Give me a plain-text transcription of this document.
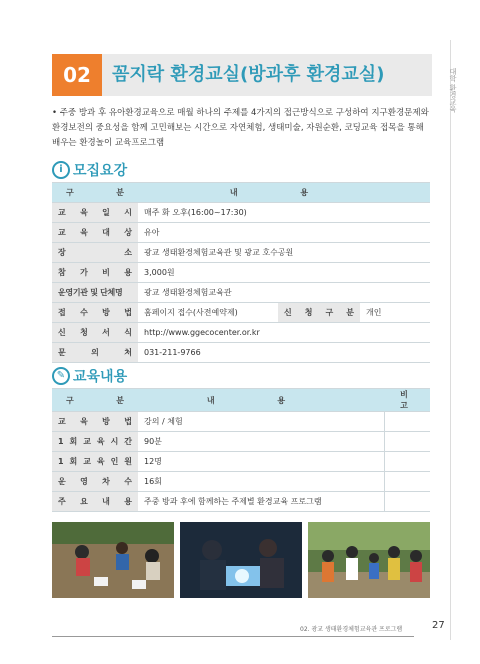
대학 환경교육
02	꼼지락 환경교실(방과후 환경교실)
• 주중 방과 후 유아환경교육으로 매월 하나의 주제를 4가지의 접근방식으로 구성하여 지구환경문제와 환경보전의 중요성을 함께 고민해보는 시간으로 자연체험, 생태미술, 자원순환, 코딩교육 접목을 통해 배우는 환경놀이 교육프로그램
i 모집요강
구 분	내 용		
교 육 일 시	매주 화 오후(16:00~17:30)		
교 육 대 상	유아		
장 소	광교 생태환경체험교육관 및 광교 호수공원		
참 가 비 용	3,000원		
운영기관 및 단체명	광교 생태환경체험교육관		
접 수 방 법	홈페이지 접수(사전예약제)	신 청 구 분	개인
신 청 서 식	http://www.ggecocenter.or.kr		
문 의 처	031-211-9766		
✎ 교육내용
구 분	내 용	비 고
교 육 방 법	강의 / 체험	
1 회 교 육 시 간	90분	
1 회 교 육 인 원	12명	
운 영 차 수	16회	
주 요 내 용	주중 방과 후에 함께하는 주제별 환경교육 프로그램	
02. 광교 생태환경체험교육관 프로그램	27
